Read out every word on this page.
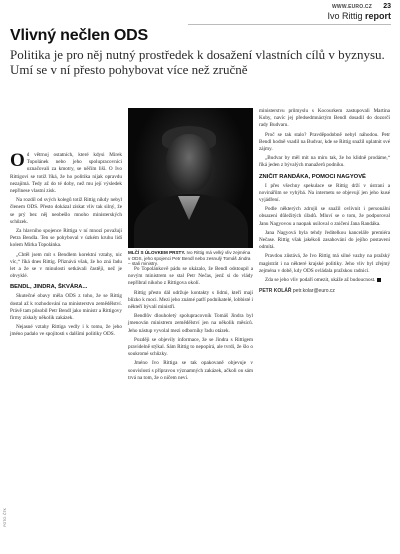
WWW.EURO.CZ 23
Ivo Rittig report
Vlivný nečlen ODS

Politika je pro něj nutný prostředek k dosažení vlastních cílů v byznysu. Umí se v ní přesto pohybovat více než zručně

Od větrnoj ostatních, které kdysi Mirek Topolánek nebo jeho spolupracovníci označovali za kmotry, se něčím liší. O Ivo Rittigovi se totiž říká, že ho politika nijak opravdu nezajímá. Tedy až do té doby, než mu její výsledek nepřinese vlastní zisk.

Na rozdíl od svých kolegů totiž Rittig nikdy nebyl členem ODS. Přesto dokázal získat vliv tak silný, že se prý bez něj neobešlo mnoho ministerských schůzek.

Za hlavního spojence Rittiga v ní mnozí považují Petra Bendla. Ten se pohyboval v úzkém kruhu lidí kolem Mirka Topolánka.

„Chtěl jsem mít s Bendlem korektní vztahy, nic víc,“ říká dnes Rittig. Přiznává však, že ho zná řadu let a že se v minulosti setkávali častěji, než je obvyklé.

BENDL, JINDRA, ŠKVÁRA...

Skutečné obavy měla ODS z toho, že se Rittig dostal až k rozhodování na ministerstvu zemědělství. Právě tam působil Petr Bendl jako ministr a Rittigovy firmy získaly několik zakázek.

Nejasné vztahy Rittiga vedly i k tomu, že jeho jméno padalo ve spojitosti s dalšími politiky ODS.

MLČÍ S ÚLOVKEM PRSTY. Ivo Rittig má velký vliv zejména v ODS, jeho spojenci Petr Bendl nebo zesnulý Tomáš Jindra – stali ministry.

Po Topolánkově pádu se ukázalo, že Bendl odstoupil a novým ministrem se stal Petr Nečas, jenž si do vlády nepřibral nikoho z Rittigova okolí.

Rittig přesto dál udržuje kontakty s lidmi, kteří mají blízko k moci. Mezi jeho známé patří podnikatelé, lobbisté i někteří bývalí ministři.

Bendlův dlouholetý spolupracovník Tomáš Jindra byl jmenován ministrem zemědělství jen na několik měsíců. Jeho nástup vyvolal mezi odborníky řadu otázek.

Později se objevily informace, že se Jindra s Rittigem pravidelně stýkal. Sám Rittig to nepopírá, ale tvrdí, že šlo o soukromé schůzky.

Jméno Ivo Rittiga se tak opakovaně objevuje v souvislosti s přípravou významných zakázek, ačkoli on sám trvá na tom, že o ničem neví.

ministerstvu průmyslu s Kocourkem zastupovali Martina Kuby, navíc jej předsedmnáctým Bendl dosadil do dozorčí rady Budvaru.

Proč se tak stalo? Pravděpodobně nebyl náhodou. Petr Bendl hodně vsadil na Budvar, kde se Rittig snažil uplatnit své zájmy.

„Budvar by měl mít na míru tak, že ho klidně prodáme,“ říká jeden z bývalých manažerů podniku.

ZNIČIT RANDÁKA, POMOCI NAGYOVÉ

I přes všechny spekulace se Rittig drží v ústraní a novinářům se vyhýbá. Na internetu se objevují jen jeho kusé vyjádření.

Podle některých zdrojů se snažil ovlivnit i personální obsazení důležitých úřadů. Mluví se o tom, že podporoval Janu Nagyovou a naopak usiloval o zničení Jana Randáka.

Jana Nagyová byla tehdy ředitelkou kanceláře premiéra Nečase. Rittig však jakékoli zasahování do jejího postavení odmítá.

Pravdou zůstává, že Ivo Rittig má silné vazby na pražský magistrát i na některé krajské politiky. Jeho vliv byl zřejmý zejména v době, kdy ODS ovládala pražskou radnici.

Zda se jeho vliv podaří omezit, ukáže až budoucnost.

PETR KOLÁŘ petr.kolar@euro.cz
FOTO: ČTK
